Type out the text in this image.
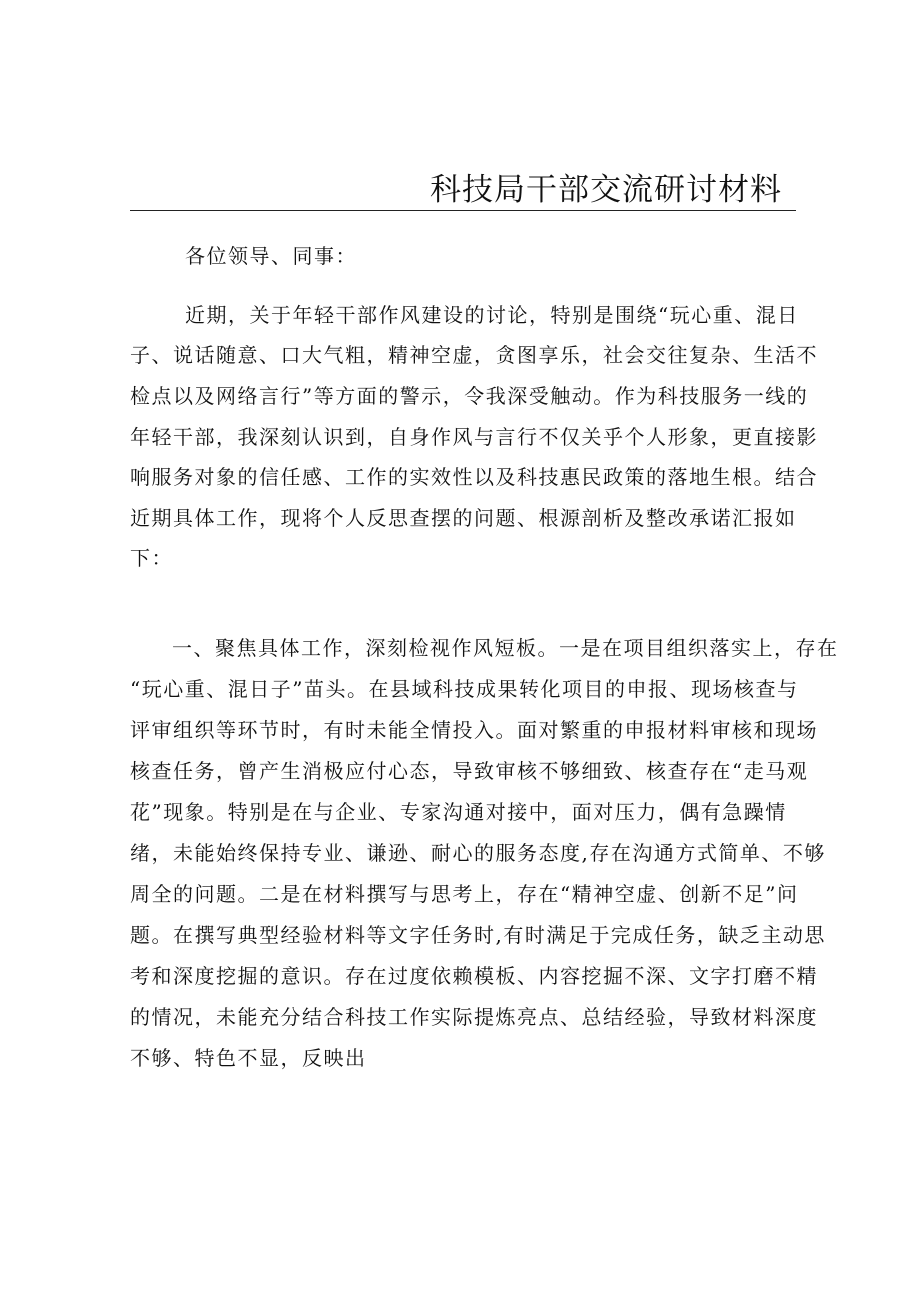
科技局干部交流研讨材料
各位领导、同事：
近期，关于年轻干部作风建设的讨论，特别是围绕“玩心重、混日
子、说话随意、口大气粗，精神空虚，贪图享乐，社会交往复杂、生活不
检点以及网络言行”等方面的警示，令我深受触动。作为科技服务一线的
年轻干部，我深刻认识到，自身作风与言行不仅关乎个人形象，更直接影
响服务对象的信任感、工作的实效性以及科技惠民政策的落地生根。结合
近期具体工作，现将个人反思查摆的问题、根源剖析及整改承诺汇报如
下：
一、聚焦具体工作，深刻检视作风短板。一是在项目组织落实上，存在
“玩心重、混日子”苗头。在县域科技成果转化项目的申报、现场核查与
评审组织等环节时，有时未能全情投入。面对繁重的申报材料审核和现场
核查任务，曾产生消极应付心态，导致审核不够细致、核查存在“走马观
花”现象。特别是在与企业、专家沟通对接中，面对压力，偶有急躁情
绪，未能始终保持专业、谦逊、耐心的服务态度,存在沟通方式简单、不够
周全的问题。二是在材料撰写与思考上，存在“精神空虚、创新不足”问
题。在撰写典型经验材料等文字任务时,有时满足于完成任务，缺乏主动思
考和深度挖掘的意识。存在过度依赖模板、内容挖掘不深、文字打磨不精
的情况，未能充分结合科技工作实际提炼亮点、总结经验，导致材料深度
不够、特色不显，反映出
